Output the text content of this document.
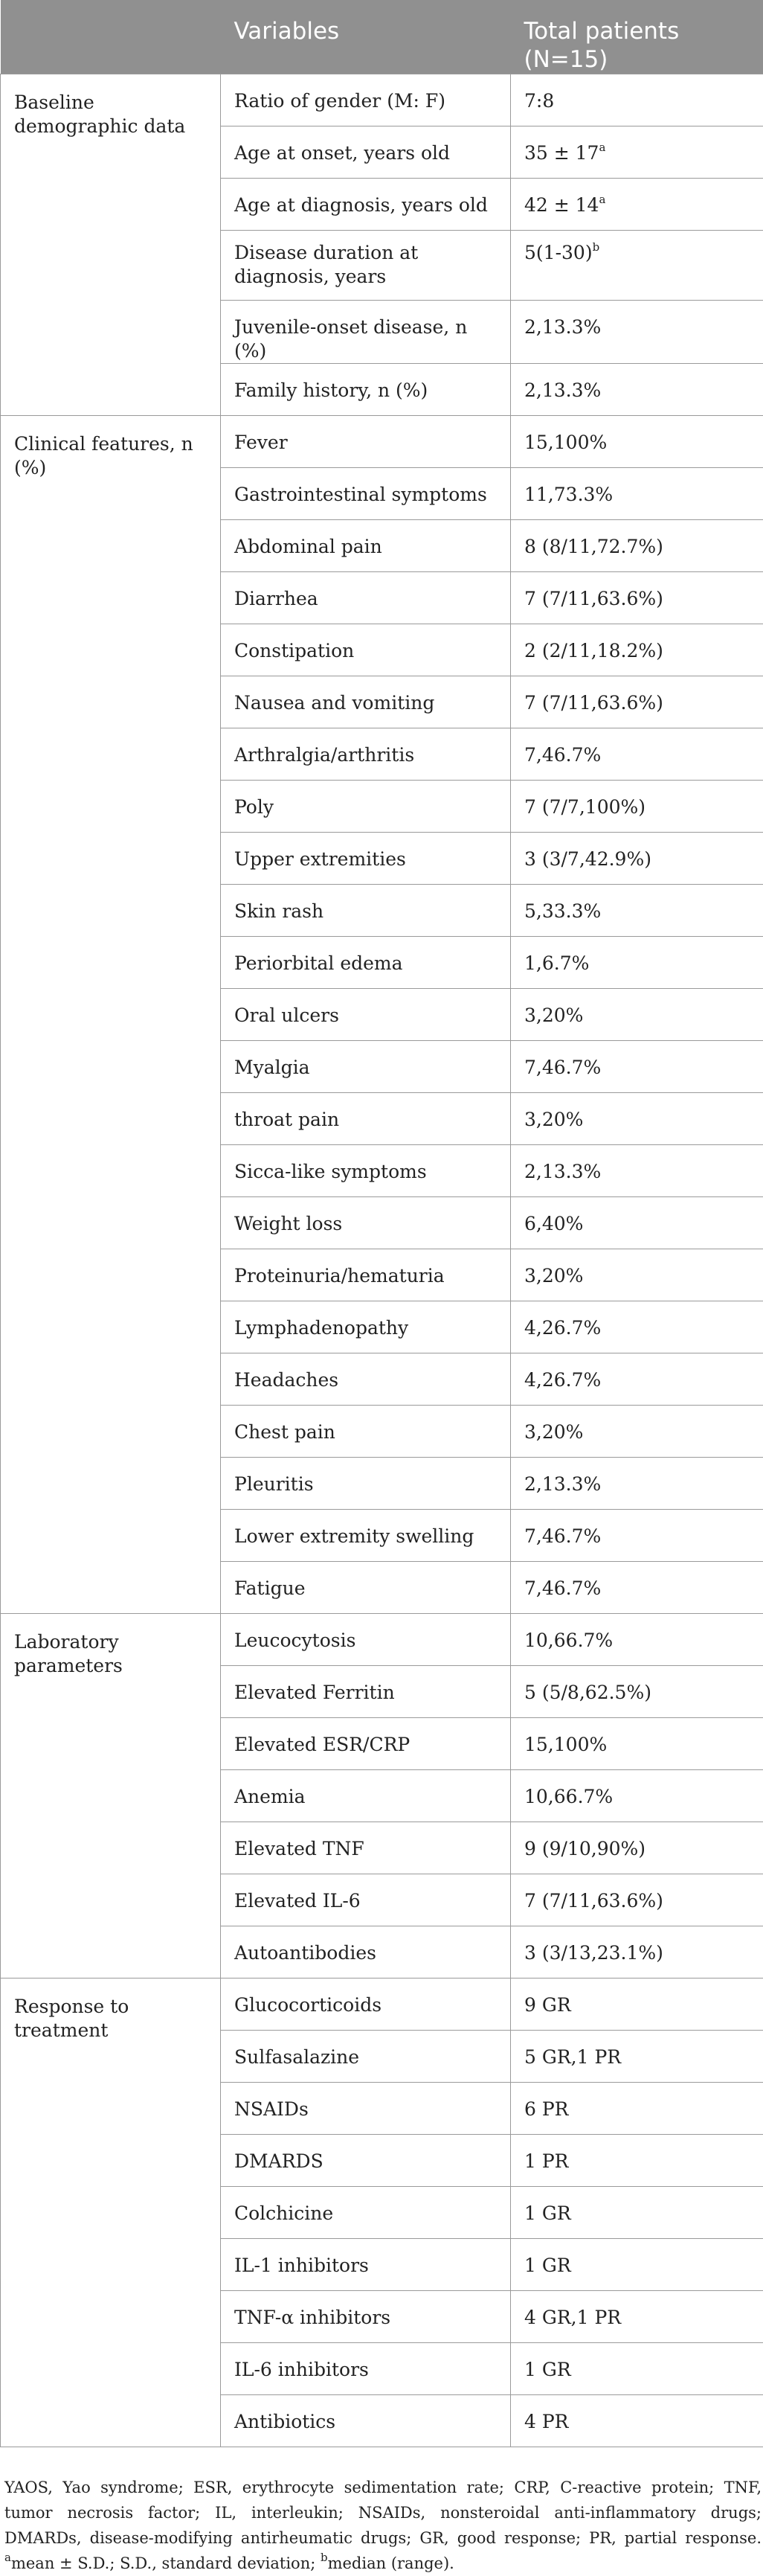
	Variables	Total patients (N=15)
Baseline demographic data	Ratio of gender (M: F)	7:8
	Age at onset, years old	$35 \pm 17^a$
	Age at diagnosis, years old	$42 \pm 14^a$
	Disease duration at diagnosis, years	$5(1-30)^b$
	Juvenile-onset disease, n (%)	2,13.3%
	Family history, n (%)	2,13.3%
Clinical features, n (%)	Fever	15,100%
	Gastrointestinal symptoms	11,73.3%
	Abdominal pain	8 (8/11,72.7%)
	Diarrhea	7 (7/11,63.6%)
	Constipation	2 (2/11,18.2%)
	Nausea and vomiting	7 (7/11,63.6%)
	Arthralgia/arthritis	7,46.7%
	Poly	7 (7/7,100%)
	Upper extremities	3 (3/7,42.9%)
	Skin rash	5,33.3%
	Periorbital edema	1,6.7%
	Oral ulcers	3,20%
	Myalgia	7,46.7%
	throat pain	3,20%
	Sicca-like symptoms	2,13.3%
	Weight loss	6,40%
	Proteinuria/hematuria	3,20%
	Lymphadenopathy	4,26.7%
	Headaches	4,26.7%
	Chest pain	3,20%
	Pleuritis	2,13.3%
	Lower extremity swelling	7,46.7%
	Fatigue	7,46.7%
Laboratory parameters	Leucocytosis	10,66.7%
	Elevated Ferritin	5 (5/8,62.5%)
	Elevated ESR/CRP	15,100%
	Anemia	10,66.7%
	Elevated TNF	9 (9/10,90%)
	Elevated IL-6	7 (7/11,63.6%)
	Autoantibodies	3 (3/13,23.1%)
Response to treatment	Glucocorticoids	9 GR
	Sulfasalazine	5 GR,1 PR
	NSAIDs	6 PR
	DMARDS	1 PR
	Colchicine	1 GR
	IL-1 inhibitors	1 GR
	TNF-α inhibitors	4 GR,1 PR
	IL-6 inhibitors	1 GR
	Antibiotics	4 PR
YAOS, Yao syndrome; ESR, erythrocyte sedimentation rate; CRP, C-reactive protein; TNF, tumor necrosis factor; IL, interleukin; NSAIDs, nonsteroidal anti-inflammatory drugs; DMARDs, disease-modifying antirheumatic drugs; GR, good response; PR, partial response. $^a$mean ± S.D.; S.D., standard deviation; $^b$median (range).
